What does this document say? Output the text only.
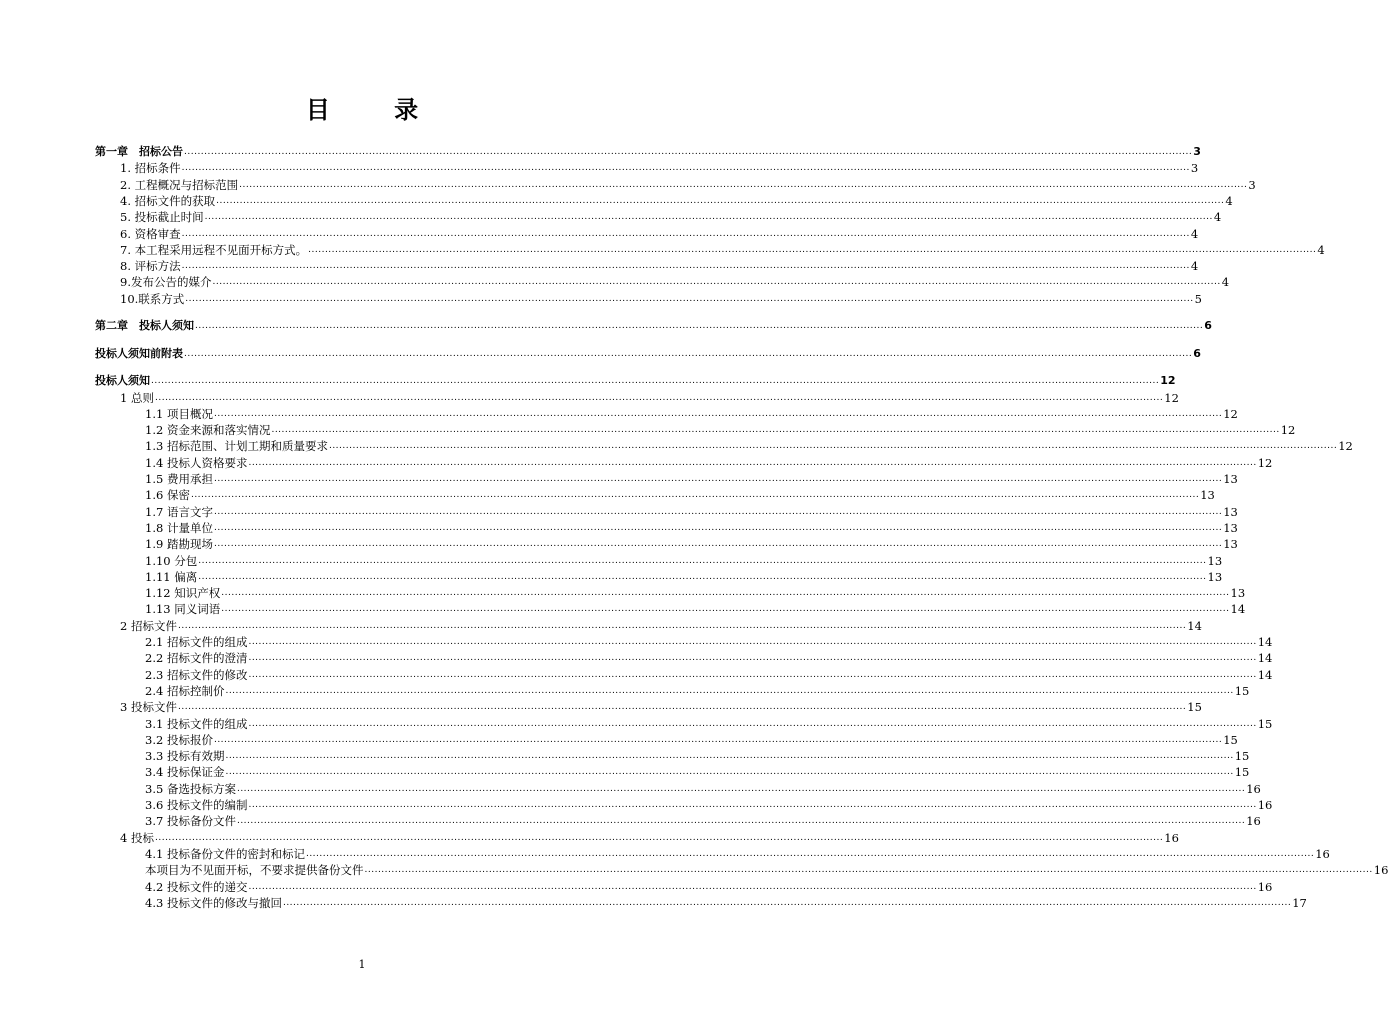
目 录
第一章　招标公告 ............................................................................................................................................................................................................................................................................................................ 3
1. 招标条件 ............................................................................................................................................................................................................................................................................................................ 3
2. 工程概况与招标范围 ............................................................................................................................................................................................................................................................................................................ 3
4. 招标文件的获取 ............................................................................................................................................................................................................................................................................................................ 4
5. 投标截止时间 ............................................................................................................................................................................................................................................................................................................ 4
6. 资格审查 ............................................................................................................................................................................................................................................................................................................ 4
7. 本工程采用远程不见面开标方式。 ............................................................................................................................................................................................................................................................................................................ 4
8. 评标方法 ............................................................................................................................................................................................................................................................................................................ 4
9.发布公告的媒介 ............................................................................................................................................................................................................................................................................................................ 4
10.联系方式 ............................................................................................................................................................................................................................................................................................................ 5
第二章　投标人须知 ............................................................................................................................................................................................................................................................................................................ 6
投标人须知前附表 ............................................................................................................................................................................................................................................................................................................ 6
投标人须知 ............................................................................................................................................................................................................................................................................................................ 12
1 总则 ............................................................................................................................................................................................................................................................................................................ 12
1.1 项目概况 ............................................................................................................................................................................................................................................................................................................ 12
1.2 资金来源和落实情况 ............................................................................................................................................................................................................................................................................................................ 12
1.3 招标范围、计划工期和质量要求 ............................................................................................................................................................................................................................................................................................................ 12
1.4 投标人资格要求 ............................................................................................................................................................................................................................................................................................................ 12
1.5 费用承担 ............................................................................................................................................................................................................................................................................................................ 13
1.6 保密 ............................................................................................................................................................................................................................................................................................................ 13
1.7 语言文字 ............................................................................................................................................................................................................................................................................................................ 13
1.8 计量单位 ............................................................................................................................................................................................................................................................................................................ 13
1.9 踏勘现场 ............................................................................................................................................................................................................................................................................................................ 13
1.10 分包 ............................................................................................................................................................................................................................................................................................................ 13
1.11 偏离 ............................................................................................................................................................................................................................................................................................................ 13
1.12 知识产权 ............................................................................................................................................................................................................................................................................................................ 13
1.13 同义词语 ............................................................................................................................................................................................................................................................................................................ 14
2 招标文件 ............................................................................................................................................................................................................................................................................................................ 14
2.1 招标文件的组成 ............................................................................................................................................................................................................................................................................................................ 14
2.2 招标文件的澄清 ............................................................................................................................................................................................................................................................................................................ 14
2.3 招标文件的修改 ............................................................................................................................................................................................................................................................................................................ 14
2.4 招标控制价 ............................................................................................................................................................................................................................................................................................................ 15
3 投标文件 ............................................................................................................................................................................................................................................................................................................ 15
3.1 投标文件的组成 ............................................................................................................................................................................................................................................................................................................ 15
3.2 投标报价 ............................................................................................................................................................................................................................................................................................................ 15
3.3 投标有效期 ............................................................................................................................................................................................................................................................................................................ 15
3.4 投标保证金 ............................................................................................................................................................................................................................................................................................................ 15
3.5 备选投标方案 ............................................................................................................................................................................................................................................................................................................ 16
3.6 投标文件的编制 ............................................................................................................................................................................................................................................................................................................ 16
3.7 投标备份文件 ............................................................................................................................................................................................................................................................................................................ 16
4 投标 ............................................................................................................................................................................................................................................................................................................ 16
4.1 投标备份文件的密封和标记 ............................................................................................................................................................................................................................................................................................................ 16
本项目为不见面开标，不要求提供备份文件 ............................................................................................................................................................................................................................................................................................................ 16
4.2 投标文件的递交 ............................................................................................................................................................................................................................................................................................................ 16
4.3 投标文件的修改与撤回 ............................................................................................................................................................................................................................................................................................................ 17
1
